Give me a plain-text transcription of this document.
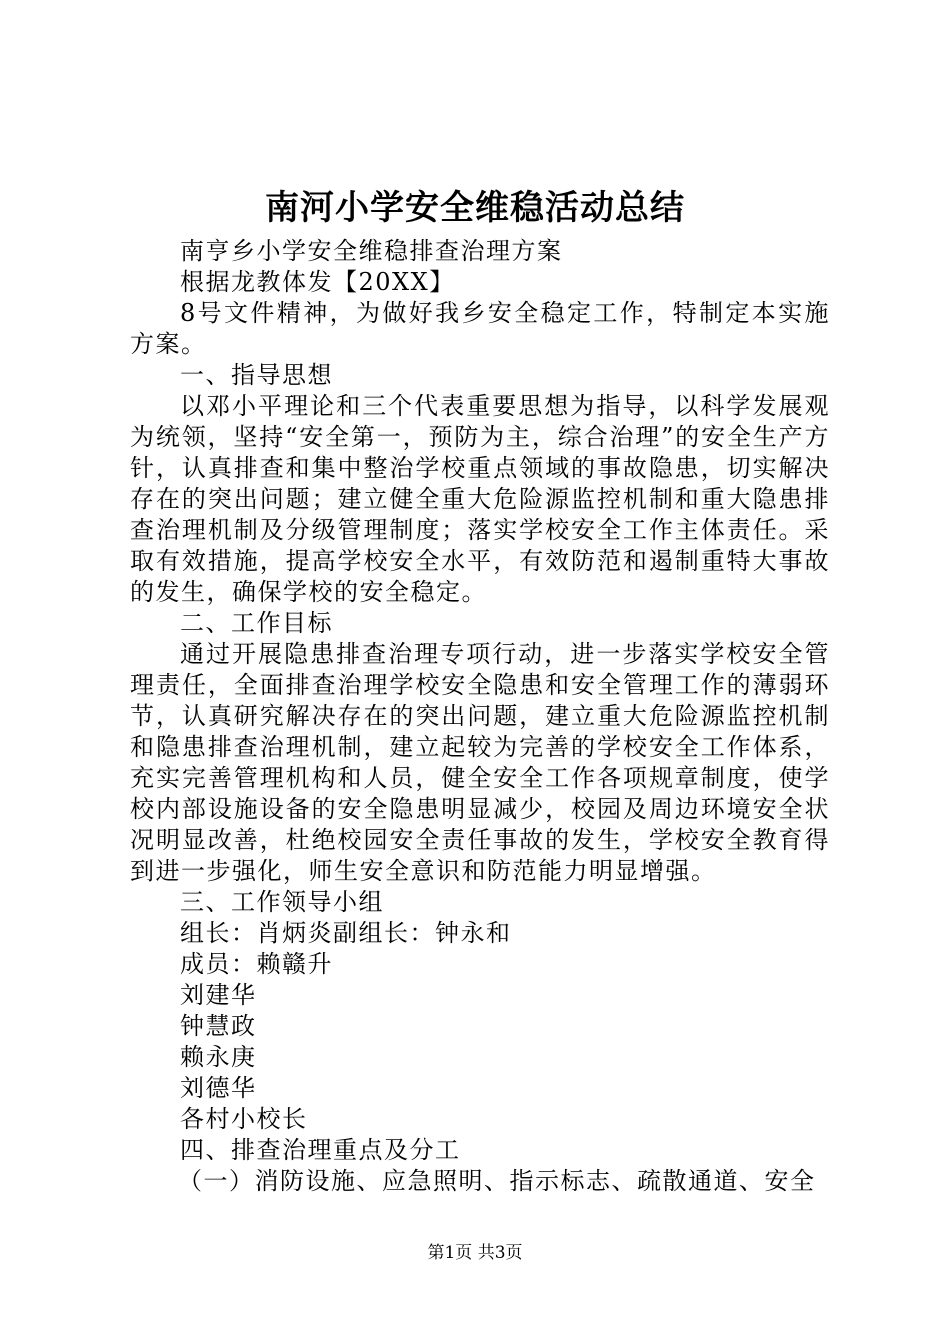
南河小学安全维稳活动总结

南亨乡小学安全维稳排查治理方案

根据龙教体发【20XX】

8号文件精神，为做好我乡安全稳定工作，特制定本实施方案。

一、指导思想

以邓小平理论和三个代表重要思想为指导，以科学发展观为统领，坚持“安全第一，预防为主，综合治理”的安全生产方针，认真排查和集中整治学校重点领域的事故隐患，切实解决存在的突出问题；建立健全重大危险源监控机制和重大隐患排查治理机制及分级管理制度；落实学校安全工作主体责任。采取有效措施，提高学校安全水平，有效防范和遏制重特大事故的发生，确保学校的安全稳定。

二、工作目标

通过开展隐患排查治理专项行动，进一步落实学校安全管理责任，全面排查治理学校安全隐患和安全管理工作的薄弱环节，认真研究解决存在的突出问题，建立重大危险源监控机制和隐患排查治理机制，建立起较为完善的学校安全工作体系，充实完善管理机构和人员，健全安全工作各项规章制度，使学校内部设施设备的安全隐患明显减少，校园及周边环境安全状况明显改善，杜绝校园安全责任事故的发生，学校安全教育得到进一步强化，师生安全意识和防范能力明显增强。

三、工作领导小组

组长：肖炳炎副组长：钟永和

成员：赖赣升

刘建华

钟慧政

赖永庚

刘德华

各村小校长

四、排查治理重点及分工

（一）消防设施、应急照明、指示标志、疏散通道、安全

第1页 共3页
